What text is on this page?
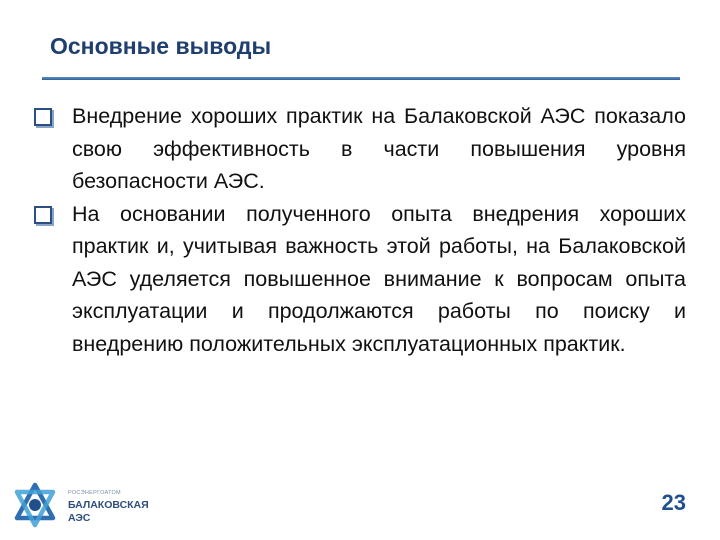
Основные выводы
Внедрение хороших практик на Балаковской АЭС показало свою эффективность в части повышения уровня безопасности АЭС.
На основании полученного опыта внедрения хороших практик и, учитывая важность этой работы, на Балаковской АЭС уделяется повышенное внимание к вопросам опыта эксплуатации и продолжаются работы по поиску и внедрению положительных эксплуатационных практик.
РОСЭНЕРГОАТОМ
БАЛАКОВСКАЯ
АЭС
23
